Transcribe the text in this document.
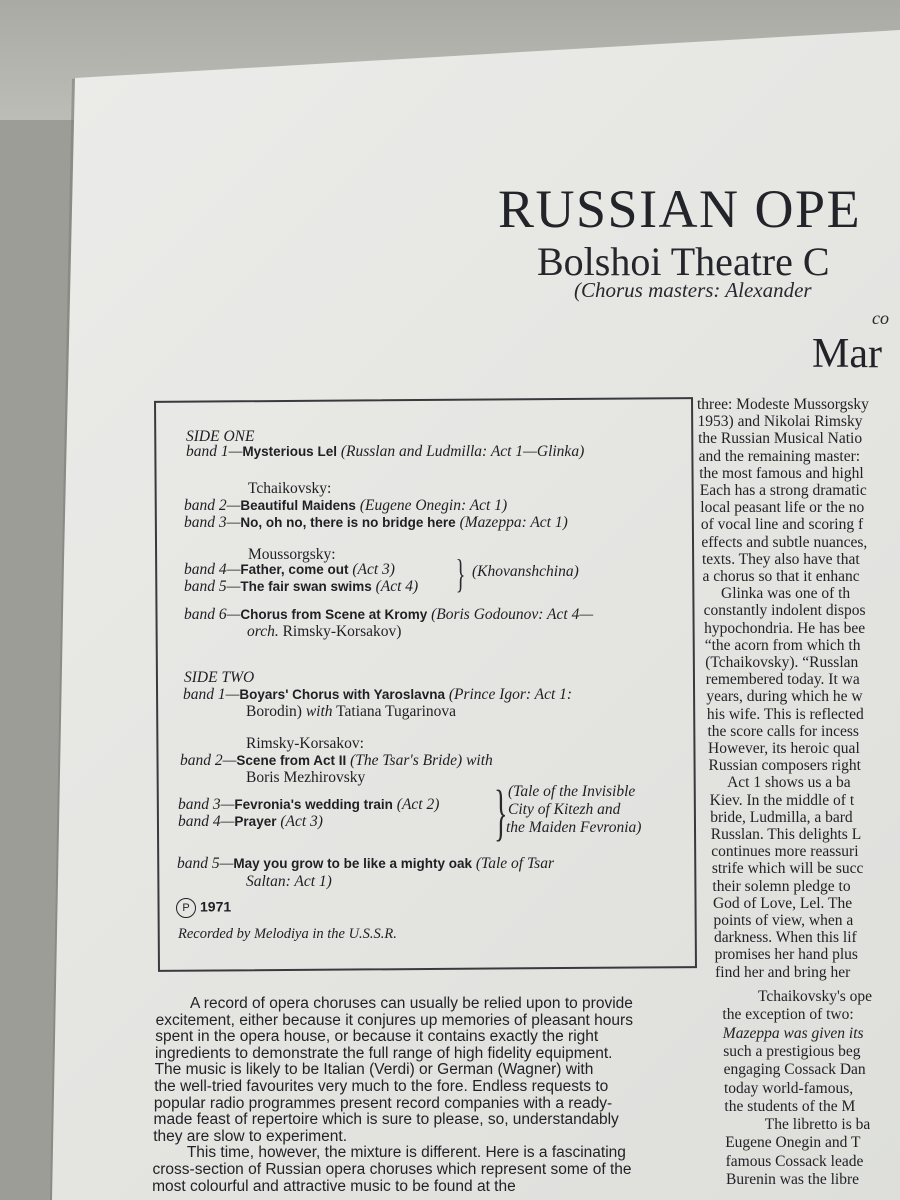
RUSSIAN OPE
Bolshoi Theatre C
(Chorus masters: Alexander
co
Mar
SIDE ONE
band 1—Mysterious Lel (Russlan and Ludmilla: Act 1—Glinka)
Tchaikovsky:
band 2—Beautiful Maidens (Eugene Onegin: Act 1)
band 3—No, oh no, there is no bridge here (Mazeppa: Act 1)
Moussorgsky:
band 4—Father, come out (Act 3)
band 5—The fair swan swims (Act 4) } (Khovanshchina)
band 6—Chorus from Scene at Kromy (Boris Godounov: Act 4—
orch. Rimsky-Korsakov)
SIDE TWO
band 1—Boyars' Chorus with Yaroslavna (Prince Igor: Act 1:
Borodin) with Tatiana Tugarinova
Rimsky-Korsakov:
band 2—Scene from Act II (The Tsar's Bride) with
Boris Mezhirovsky
band 3—Fevronia's wedding train (Act 2)
band 4—Prayer (Act 3)	} (Tale of the Invisible
City of Kitezh and
the Maiden Fevronia)
band 5—May you grow to be like a mighty oak (Tale of Tsar
Saltan: Act 1)
P 1971
Recorded by Melodiya in the U.S.S.R.
three: Modeste Mussorgsky
1953) and Nikolai Rimsky
the Russian Musical Natio
and the remaining master:
the most famous and highl
Each has a strong dramatic
local peasant life or the no
of vocal line and scoring f
effects and subtle nuances,
texts. They also have that
a chorus so that it enhanc
Glinka was one of th
constantly indolent dispos
hypochondria. He has bee
“the acorn from which th
(Tchaikovsky). “Russlan
remembered today. It wa
years, during which he w
his wife. This is reflected
the score calls for incess
However, its heroic qual
Russian composers right
Act 1 shows us a ba
Kiev. In the middle of t
bride, Ludmilla, a bard
Russlan. This delights L
continues more reassuri
strife which will be succ
their solemn pledge to
God of Love, Lel. The
points of view, when a
darkness. When this lif
promises her hand plus
find her and bring her
Tchaikovsky's ope
the exception of two:
Mazeppa was given its
such a prestigious beg
engaging Cossack Dan
today world-famous,
the students of the M
The libretto is ba
Eugene Onegin and T
famous Cossack leade
Burenin was the libre
A record of opera choruses can usually be relied upon to provide
excitement, either because it conjures up memories of pleasant hours
spent in the opera house, or because it contains exactly the right
ingredients to demonstrate the full range of high fidelity equipment.
The music is likely to be Italian (Verdi) or German (Wagner) with
the well-tried favourites very much to the fore. Endless requests to
popular radio programmes present record companies with a ready-
made feast of repertoire which is sure to please, so, understandably
they are slow to experiment.
This time, however, the mixture is different. Here is a fascinating
cross-section of Russian opera choruses which represent some of the
most colourful and attractive music to be found at the
